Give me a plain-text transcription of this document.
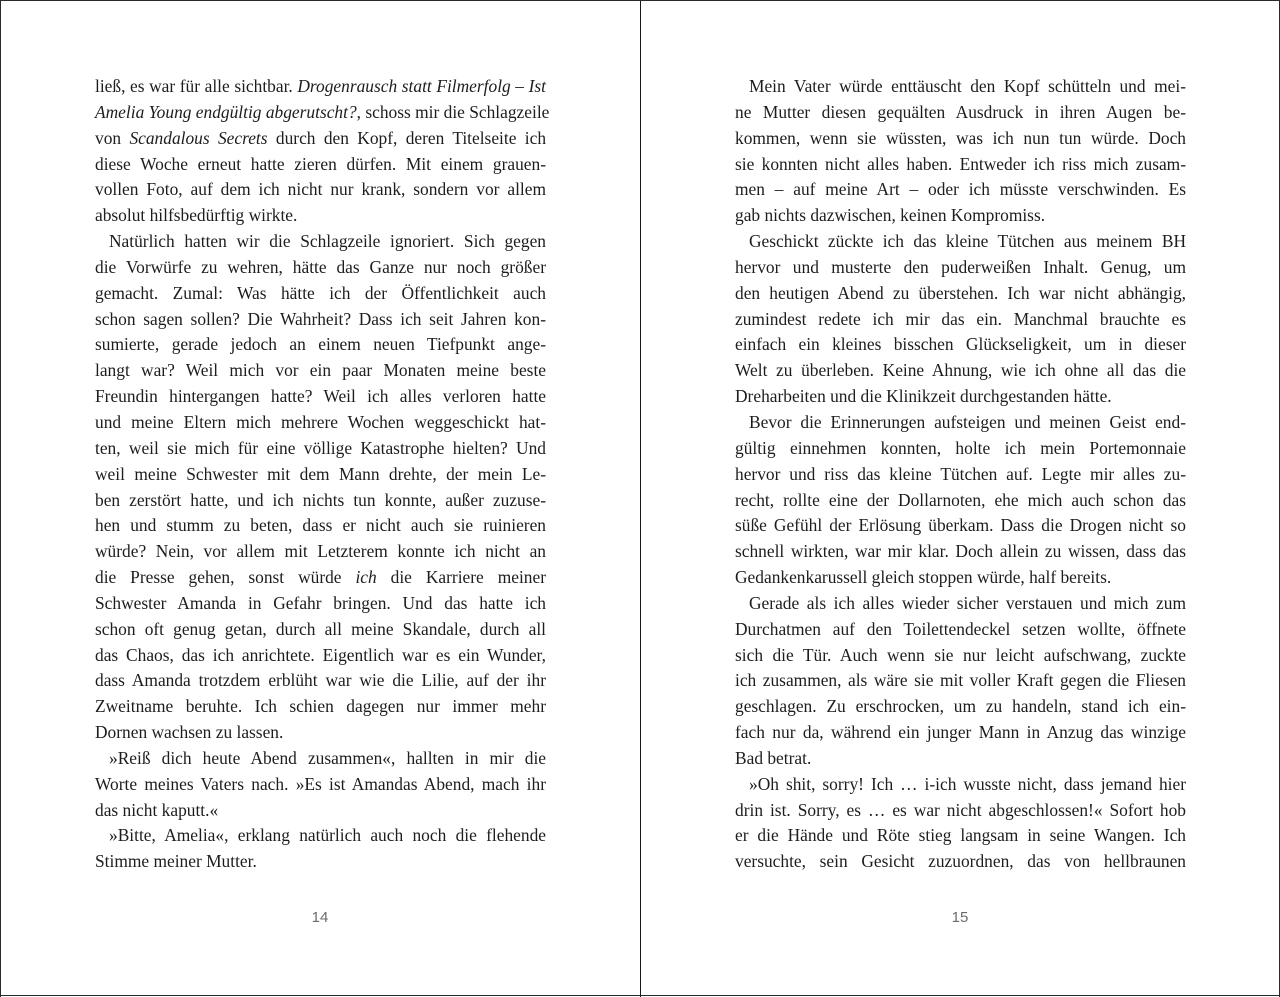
ließ, es war für alle sichtbar. Drogenrausch statt Filmerfolg – Ist
Amelia Young endgültig abgerutscht?, schoss mir die Schlagzeile
von Scandalous Secrets durch den Kopf, deren Titelseite ich
diese Woche erneut hatte zieren dürfen. Mit einem grauen-
vollen Foto, auf dem ich nicht nur krank, sondern vor allem
absolut hilfsbedürftig wirkte.

Natürlich hatten wir die Schlagzeile ignoriert. Sich gegen
die Vorwürfe zu wehren, hätte das Ganze nur noch größer
gemacht. Zumal: Was hätte ich der Öffentlichkeit auch
schon sagen sollen? Die Wahrheit? Dass ich seit Jahren kon-
sumierte, gerade jedoch an einem neuen Tiefpunkt ange-
langt war? Weil mich vor ein paar Monaten meine beste
Freundin hintergangen hatte? Weil ich alles verloren hatte
und meine Eltern mich mehrere Wochen weggeschickt hat-
ten, weil sie mich für eine völlige Katastrophe hielten? Und
weil meine Schwester mit dem Mann drehte, der mein Le-
ben zerstört hatte, und ich nichts tun konnte, außer zuzuse-
hen und stumm zu beten, dass er nicht auch sie ruinieren
würde? Nein, vor allem mit Letzterem konnte ich nicht an
die Presse gehen, sonst würde ich die Karriere meiner
Schwester Amanda in Gefahr bringen. Und das hatte ich
schon oft genug getan, durch all meine Skandale, durch all
das Chaos, das ich anrichtete. Eigentlich war es ein Wunder,
dass Amanda trotzdem erblüht war wie die Lilie, auf der ihr
Zweitname beruhte. Ich schien dagegen nur immer mehr
Dornen wachsen zu lassen.

»Reiß dich heute Abend zusammen«, hallten in mir die
Worte meines Vaters nach. »Es ist Amandas Abend, mach ihr
das nicht kaputt.«

»Bitte, Amelia«, erklang natürlich auch noch die flehende
Stimme meiner Mutter.

14

Mein Vater würde enttäuscht den Kopf schütteln und mei-
ne Mutter diesen gequälten Ausdruck in ihren Augen be-
kommen, wenn sie wüssten, was ich nun tun würde. Doch
sie konnten nicht alles haben. Entweder ich riss mich zusam-
men – auf meine Art – oder ich müsste verschwinden. Es
gab nichts dazwischen, keinen Kompromiss.

Geschickt zückte ich das kleine Tütchen aus meinem BH
hervor und musterte den puderweißen Inhalt. Genug, um
den heutigen Abend zu überstehen. Ich war nicht abhängig,
zumindest redete ich mir das ein. Manchmal brauchte es
einfach ein kleines bisschen Glückseligkeit, um in dieser
Welt zu überleben. Keine Ahnung, wie ich ohne all das die
Dreharbeiten und die Klinikzeit durchgestanden hätte.

Bevor die Erinnerungen aufsteigen und meinen Geist end-
gültig einnehmen konnten, holte ich mein Portemonnaie
hervor und riss das kleine Tütchen auf. Legte mir alles zu-
recht, rollte eine der Dollarnoten, ehe mich auch schon das
süße Gefühl der Erlösung überkam. Dass die Drogen nicht so
schnell wirkten, war mir klar. Doch allein zu wissen, dass das
Gedankenkarussell gleich stoppen würde, half bereits.

Gerade als ich alles wieder sicher verstauen und mich zum
Durchatmen auf den Toilettendeckel setzen wollte, öffnete
sich die Tür. Auch wenn sie nur leicht aufschwang, zuckte
ich zusammen, als wäre sie mit voller Kraft gegen die Fliesen
geschlagen. Zu erschrocken, um zu handeln, stand ich ein-
fach nur da, während ein junger Mann in Anzug das winzige
Bad betrat.

»Oh shit, sorry! Ich … i-ich wusste nicht, dass jemand hier
drin ist. Sorry, es … es war nicht abgeschlossen!« Sofort hob
er die Hände und Röte stieg langsam in seine Wangen. Ich
versuchte, sein Gesicht zuzuordnen, das von hellbraunen

15
